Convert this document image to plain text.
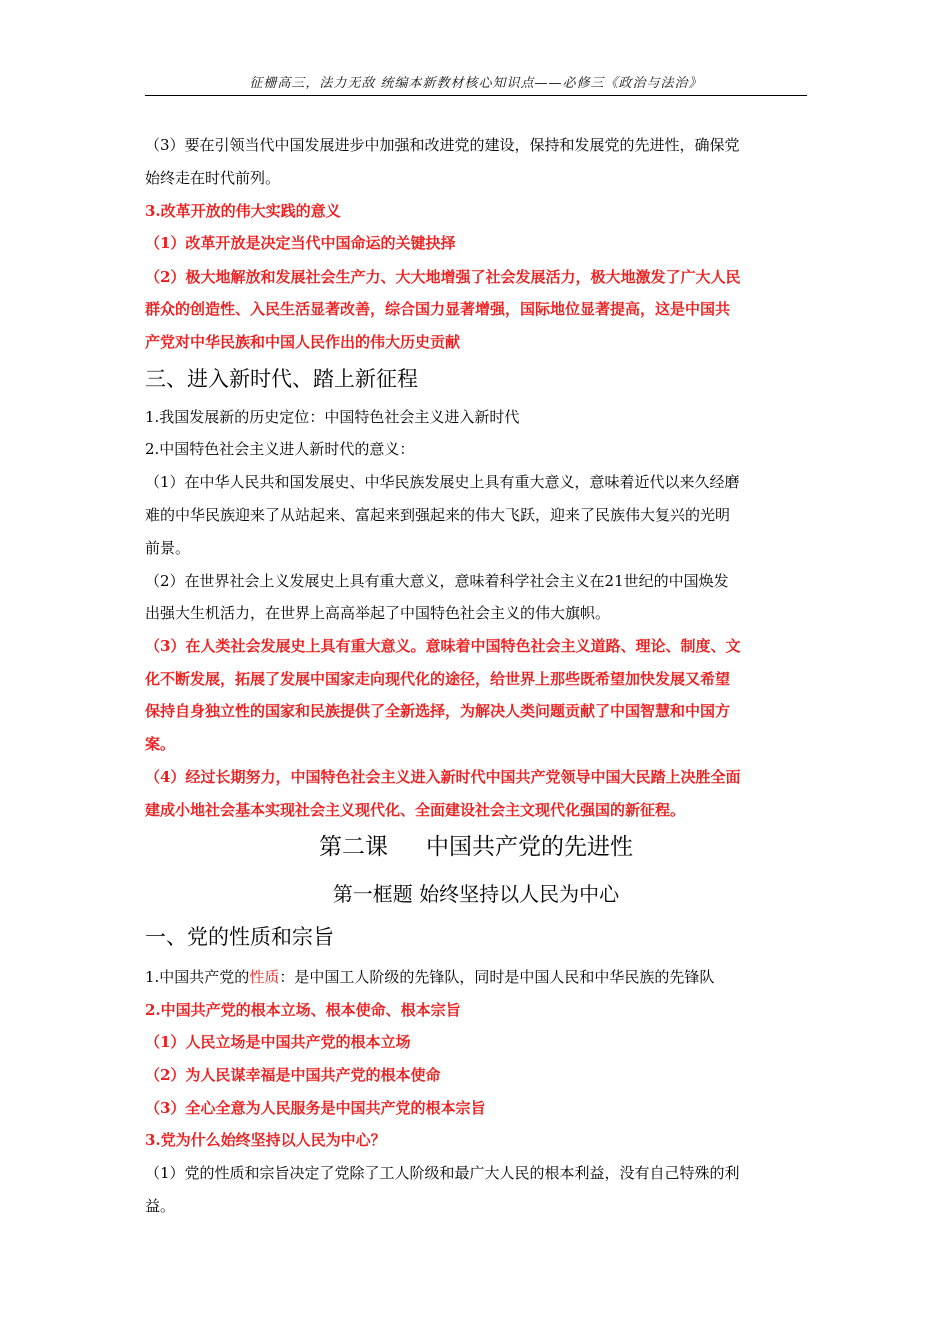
征栅高三，法力无敌 统编本新教材核心知识点——必修三《政治与法治》
（3）要在引领当代中国发展进步中加强和改进党的建设，保持和发展党的先进性，确保党
始终走在时代前列。
3.改革开放的伟大实践的意义
（1）改革开放是决定当代中国命运的关键抉择
（2）极大地解放和发展社会生产力、大大地增强了社会发展活力，极大地激发了广大人民
群众的创造性、入民生活显著改善，综合国力显著增强，国际地位显著提高，这是中国共
产党对中华民族和中国人民作出的伟大历史贡献
三、进入新时代、踏上新征程
1.我国发展新的历史定位：中国特色社会主义进入新时代
2.中国特色社会主义进人新时代的意义：
（1）在中华人民共和国发展史、中华民族发展史上具有重大意义，意味着近代以来久经磨
难的中华民族迎来了从站起来、富起来到强起来的伟大飞跃，迎来了民族伟大复兴的光明
前景。
（2）在世界社会上义发展史上具有重大意义，意味着科学社会主义在21世纪的中国焕发
出强大生机活力，在世界上高高举起了中国特色社会主义的伟大旗帜。
（3）在人类社会发展史上具有重大意义。意味着中国特色社会主义道路、理论、制度、文
化不断发展，拓展了发展中国家走向现代化的途径，给世界上那些既希望加快发展又希望
保持自身独立性的国家和民族提供了全新选择，为解决人类问题贡献了中国智慧和中国方
案。
（4）经过长期努力，中国特色社会主义进入新时代中国共产党领导中国大民踏上决胜全面
建成小地社会基本实现社会主义现代化、全面建设社会主文现代化强国的新征程。
第二课 中国共产党的先进性
第一框题 始终坚持以人民为中心
一、党的性质和宗旨
1.中国共产党的性质：是中国工人阶级的先锋队，同时是中国人民和中华民族的先锋队
2.中国共产党的根本立场、根本使命、根本宗旨
（1）人民立场是中国共产党的根本立场
（2）为人民谋幸福是中国共产党的根本使命
（3）全心全意为人民服务是中国共产党的根本宗旨
3.党为什么始终坚持以人民为中心？
（1）党的性质和宗旨决定了党除了工人阶级和最广大人民的根本利益，没有自己特殊的利
益。
